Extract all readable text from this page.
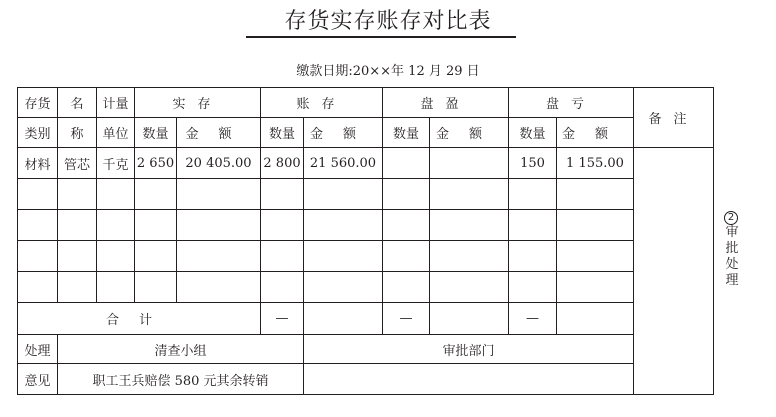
存货实存账存对比表
缴款日期:20××年 12 月 29 日
存货	名	计量	实存		账存		盘盈		盘亏		备注
类别	称	单位	数量	金额	数量	金额	数量	金额	数量	金额	
材料	管芯	千克	2 650	20 405.00	2 800	21 560.00			150	1 155.00	

合计					—		—		—		
处理	清查小组					审批部门					
意见	职工王兵赔偿 580 元其余转销										
2
审
批
处
理
